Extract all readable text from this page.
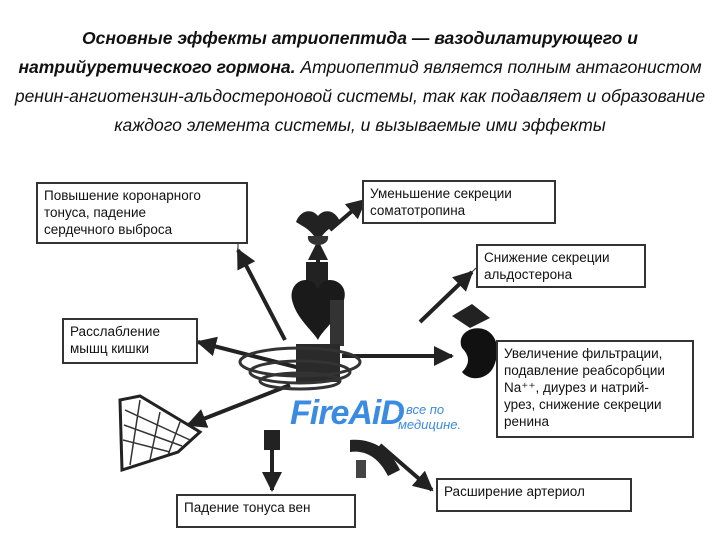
Основные эффекты атриопептида — вазодилатирующего и натрийуретического гормона. Атриопептид является полным антагонистом ренин-ангиотензин-альдостероновой системы, так как подавляет и образование каждого элемента системы, и вызываемые ими эффекты
Повышение коронарного
тонуса, падение
сердечного выброса
Уменьшение секреции
соматотропина
Снижение секреции
альдостерона
Расслабление
мышц кишки	Увеличение фильтрации,
подавление реабсорбции
Na⁺⁺, диурез и натрий-
урез, снижение секреции
ренина
Падение тонуса вен
Расширение артериол
FireAiD
- все по
медицине.
